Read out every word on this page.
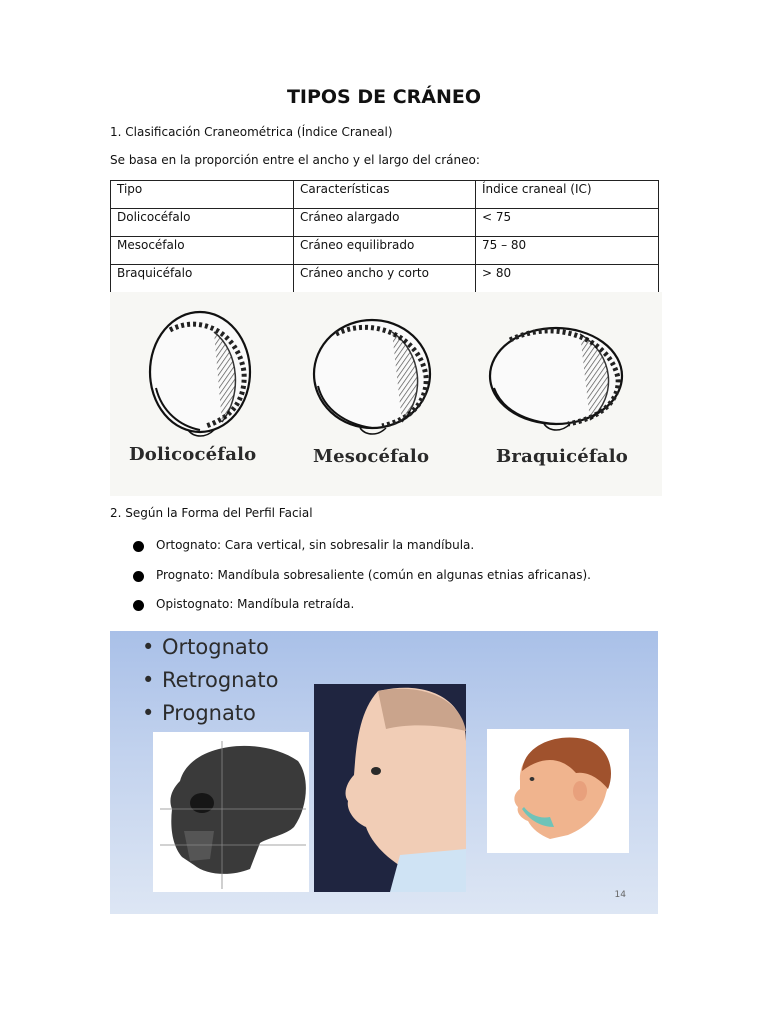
TIPOS DE CRÁNEO
1. Clasificación Craneométrica (Índice Craneal)
Se basa en la proporción entre el ancho y el largo del cráneo:
Tipo	Características	Índice craneal (IC)
Dolicocéfalo	Cráneo alargado	< 75
Mesocéfalo	Cráneo equilibrado	75 – 80
Braquicéfalo	Cráneo ancho y corto	> 80
Dolicocéfalo	Mesocéfalo	Braquicéfalo
2. Según la Forma del Perfil Facial
Ortognato: Cara vertical, sin sobresalir la mandíbula.
Prognato: Mandíbula sobresaliente (común en algunas etnias africanas).
Opistognato: Mandíbula retraída.
• Ortognato
• Retrognato
• Prognato
14
